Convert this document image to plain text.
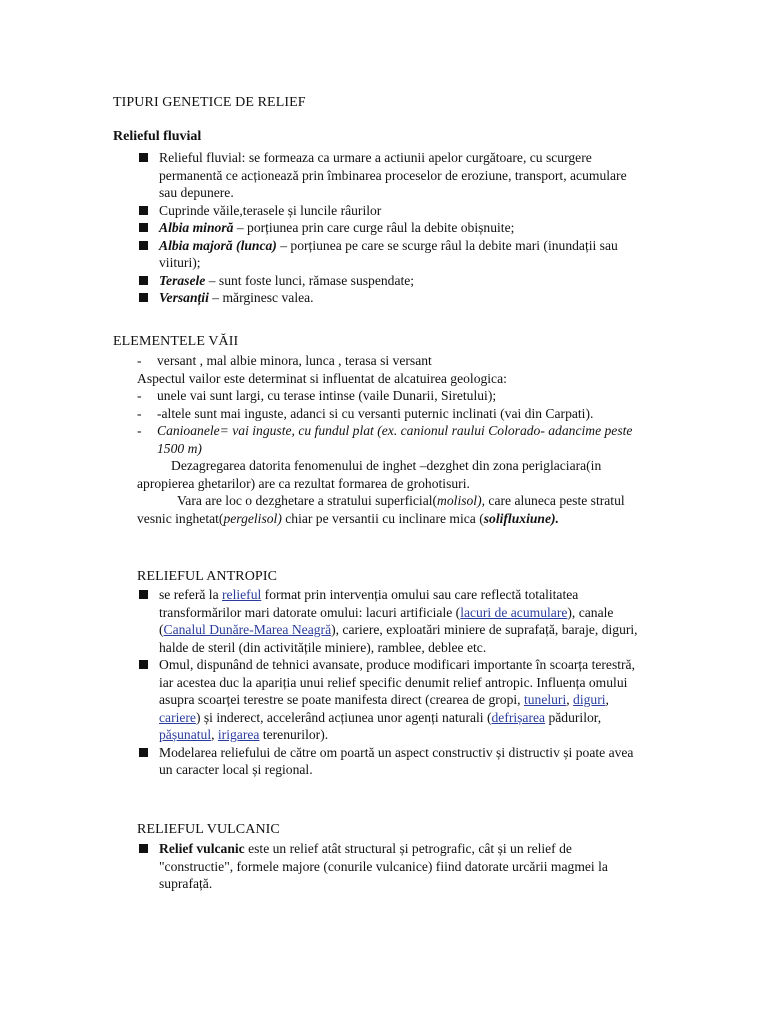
TIPURI GENETICE DE RELIEF
Relieful fluvial
Relieful fluvial: se formeaza ca urmare a actiunii apelor curgătoare, cu scurgere permanentă ce acționează prin îmbinarea proceselor de eroziune, transport, acumulare sau depunere.
Cuprinde văile,terasele și luncile râurilor
Albia minoră – porțiunea prin care curge râul la debite obișnuite;
Albia majoră (lunca) – porțiunea pe care se scurge râul la debite mari (inundații sau viituri);
Terasele – sunt foste lunci, rămase suspendate;
Versanții – mărginesc valea.
ELEMENTELE VĂII
- versant , mal albie minora, lunca , terasa si versant
Aspectul vailor este determinat si influentat de alcatuirea geologica:
- unele vai sunt largi, cu terase intinse (vaile Dunarii, Siretului);
- -altele sunt mai inguste, adanci si cu versanti puternic inclinati (vai din Carpati).
- Canioanele= vai inguste, cu fundul plat (ex. canionul raului Colorado- adancime peste 1500 m)
Dezagregarea datorita fenomenului de inghet –dezghet din zona periglaciara(in apropierea ghetarilor) are ca rezultat formarea de grohotisuri.
Vara are loc o dezghetare a stratului superficial(molisol), care aluneca peste stratul vesnic inghetat(pergelisol) chiar pe versantii cu inclinare mica (solifluxiune).
RELIEFUL ANTROPIC
se referă la relieful format prin intervenția omului sau care reflectă totalitatea transformărilor mari datorate omului: lacuri artificiale (lacuri de acumulare), canale (Canalul Dunăre-Marea Neagră), cariere, exploatări miniere de suprafață, baraje, diguri, halde de steril (din activitățile miniere), ramblee, deblee etc.
Omul, dispunând de tehnici avansate, produce modificari importante în scoarța terestră, iar acestea duc la apariția unui relief specific denumit relief antropic. Influența omului asupra scoarței terestre se poate manifesta direct (crearea de gropi, tuneluri, diguri, cariere) și inderect, accelerând acțiunea unor agenți naturali (defrișarea pădurilor, pășunatul, irigarea terenurilor).
Modelarea reliefului de către om poartă un aspect constructiv și distructiv și poate avea un caracter local și regional.
RELIEFUL VULCANIC
Relief vulcanic este un relief atât structural și petrografic, cât și un relief de "constructie", formele majore (conurile vulcanice) fiind datorate urcării magmei la suprafață.
